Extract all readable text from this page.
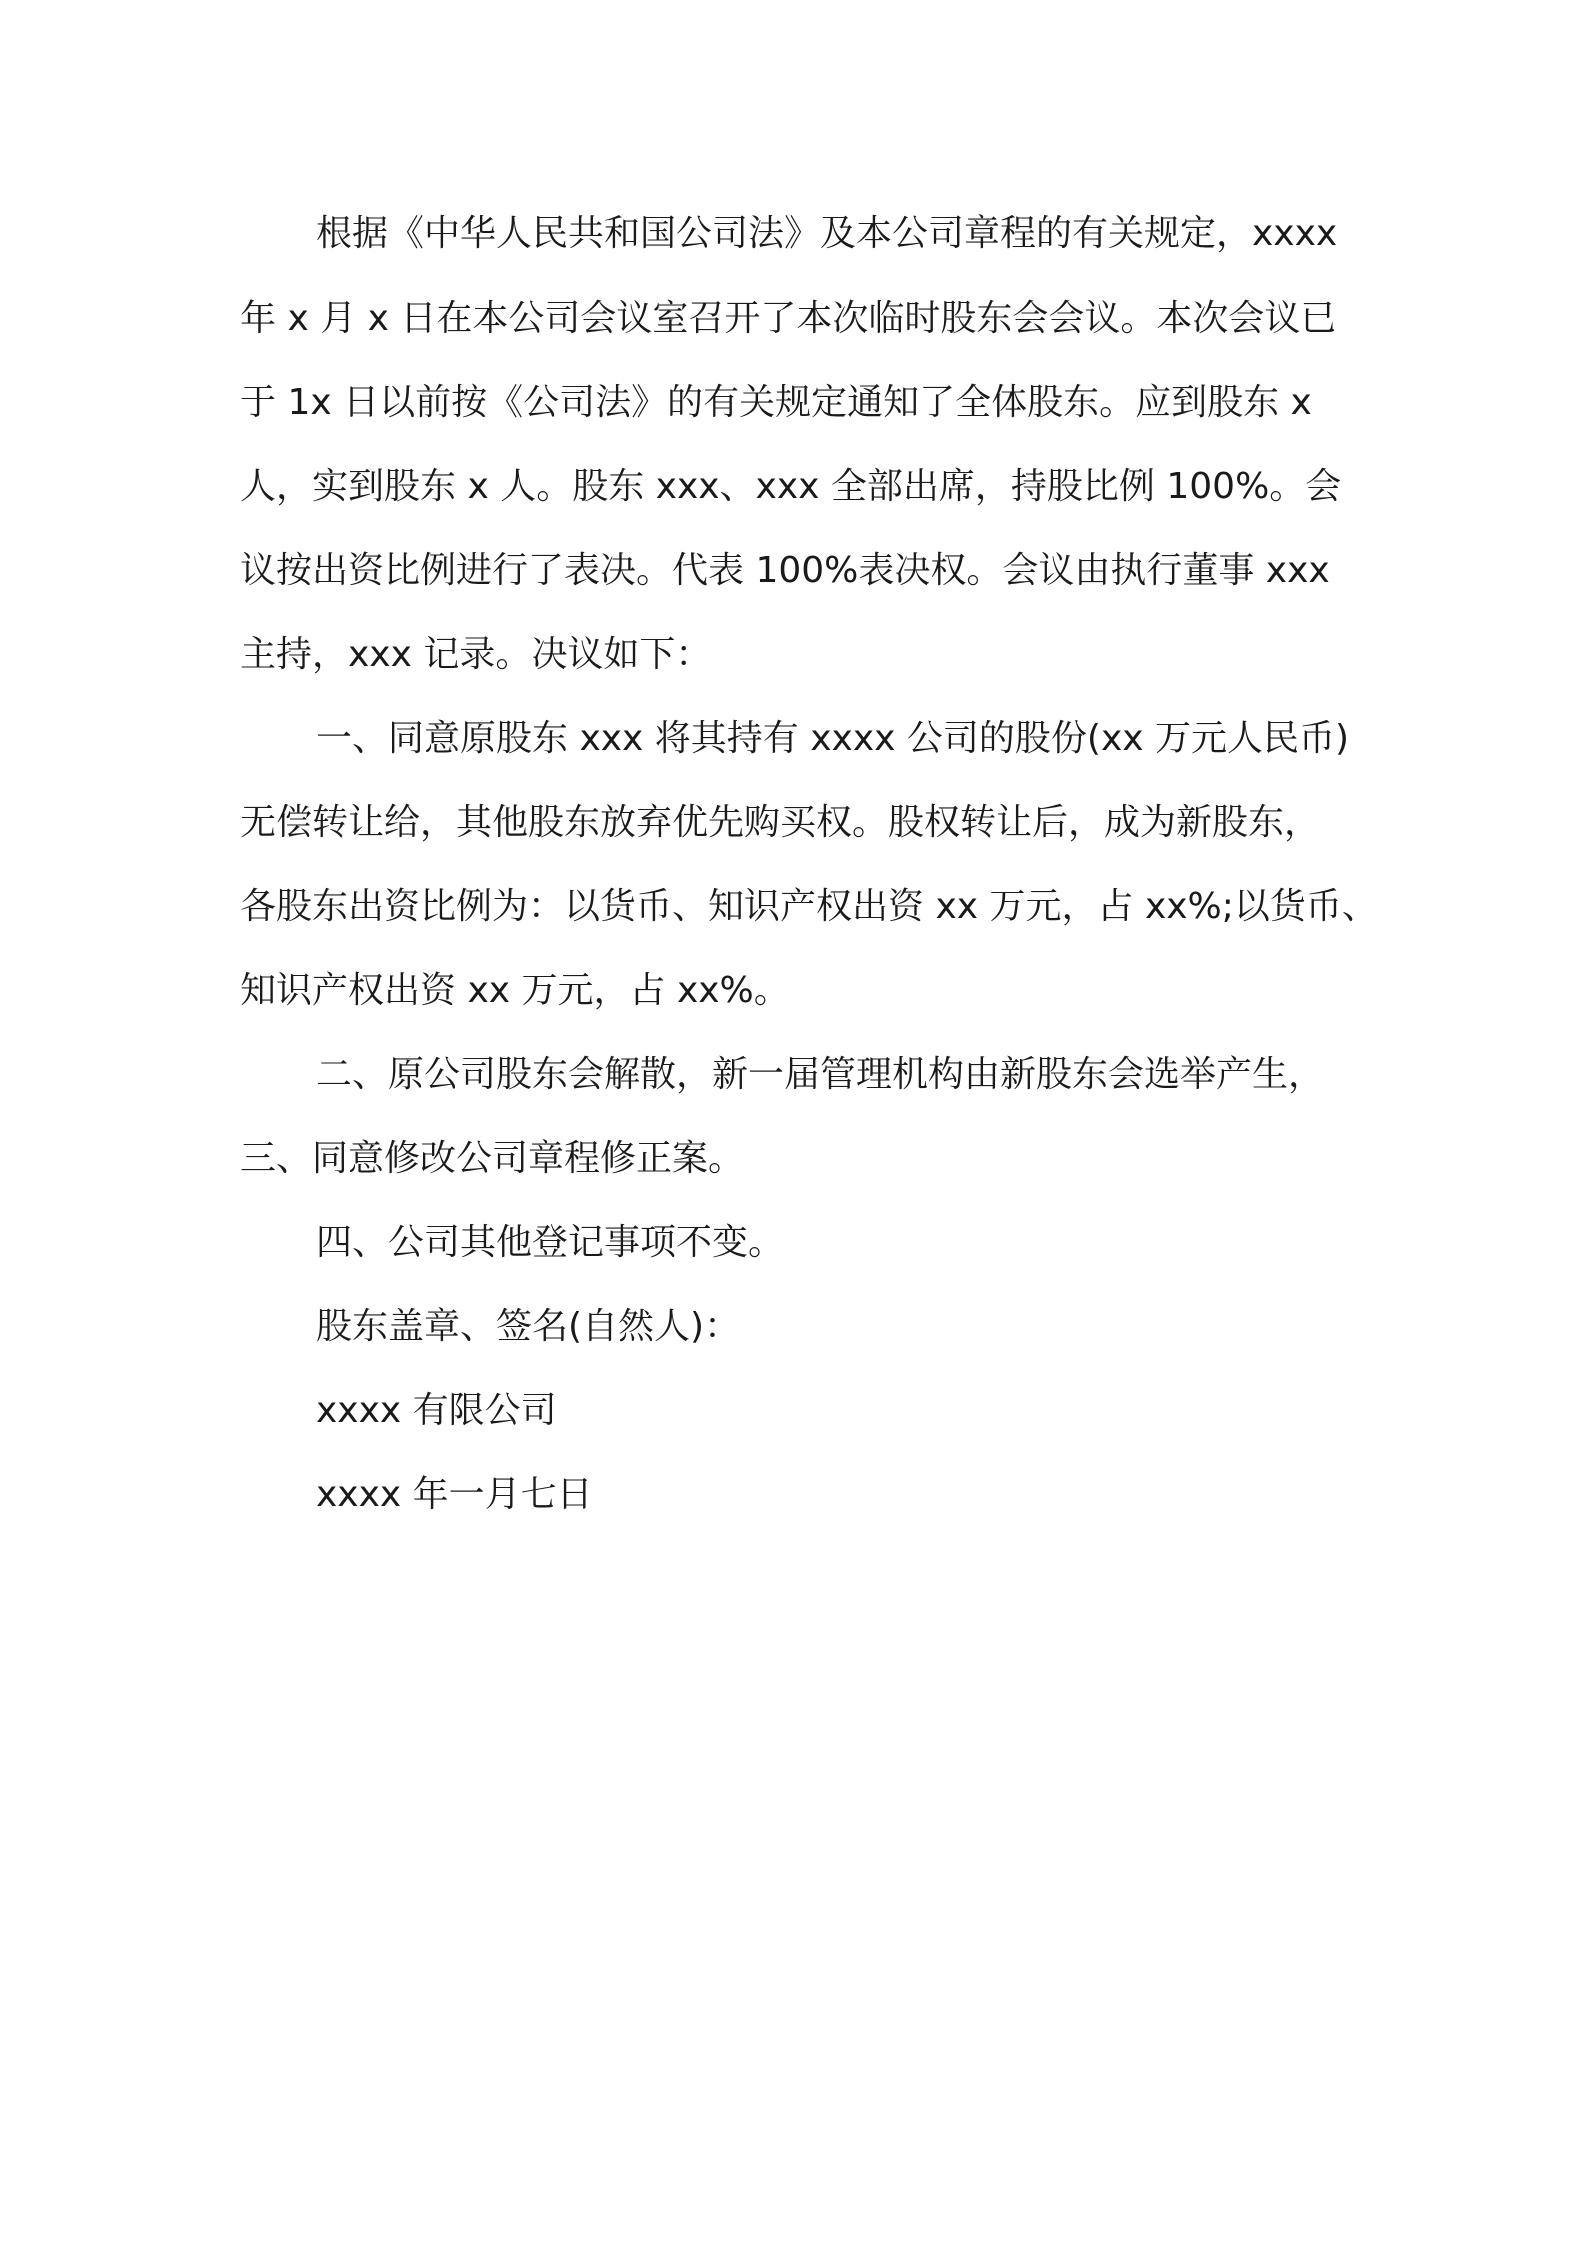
根据《中华人民共和国公司法》及本公司章程的有关规定，xxxx
年 x 月 x 日在本公司会议室召开了本次临时股东会会议。本次会议已
于 1x 日以前按《公司法》的有关规定通知了全体股东。应到股东 x
人，实到股东 x 人。股东 xxx、xxx 全部出席，持股比例 100%。会
议按出资比例进行了表决。代表 100%表决权。会议由执行董事 xxx
主持，xxx 记录。决议如下：
一、同意原股东 xxx 将其持有 xxxx 公司的股份(xx 万元人民币)
无偿转让给，其他股东放弃优先购买权。股权转让后，成为新股东，
各股东出资比例为：以货币、知识产权出资 xx 万元，占 xx%;以货币、
知识产权出资 xx 万元，占 xx%。
二、原公司股东会解散，新一届管理机构由新股东会选举产生，
三、同意修改公司章程修正案。
四、公司其他登记事项不变。
股东盖章、签名(自然人)：
xxxx 有限公司
xxxx 年一月七日
